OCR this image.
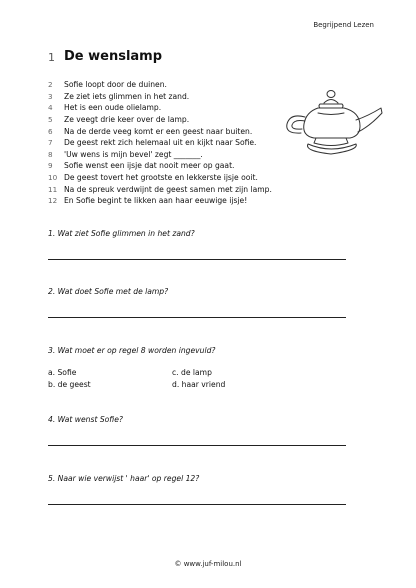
Begrijpend Lezen
1 De wenslamp
2	Sofie loopt door de duinen.
3	Ze ziet iets glimmen in het zand.
4	Het is een oude olielamp.
5	Ze veegt drie keer over de lamp.
6	Na de derde veeg komt er een geest naar buiten.
7	De geest rekt zich helemaal uit en kijkt naar Sofie.
8	'Uw wens is mijn bevel' zegt _______.
9	Sofie wenst een ijsje dat nooit meer op gaat.
10 De geest tovert het grootste en lekkerste ijsje ooit.
11 Na de spreuk verdwijnt de geest samen met zijn lamp.
12 En Sofie begint te likken aan haar eeuwige ijsje!
1. Wat ziet Sofie glimmen in het zand?
2. Wat doet Sofie met de lamp?
3. Wat moet er op regel 8 worden ingevuld?
a. Sofie	c. de lamp
b. de geest	d. haar vriend
4. Wat wenst Sofie?
5. Naar wie verwijst ' haar' op regel 12?
© www.juf-milou.nl
